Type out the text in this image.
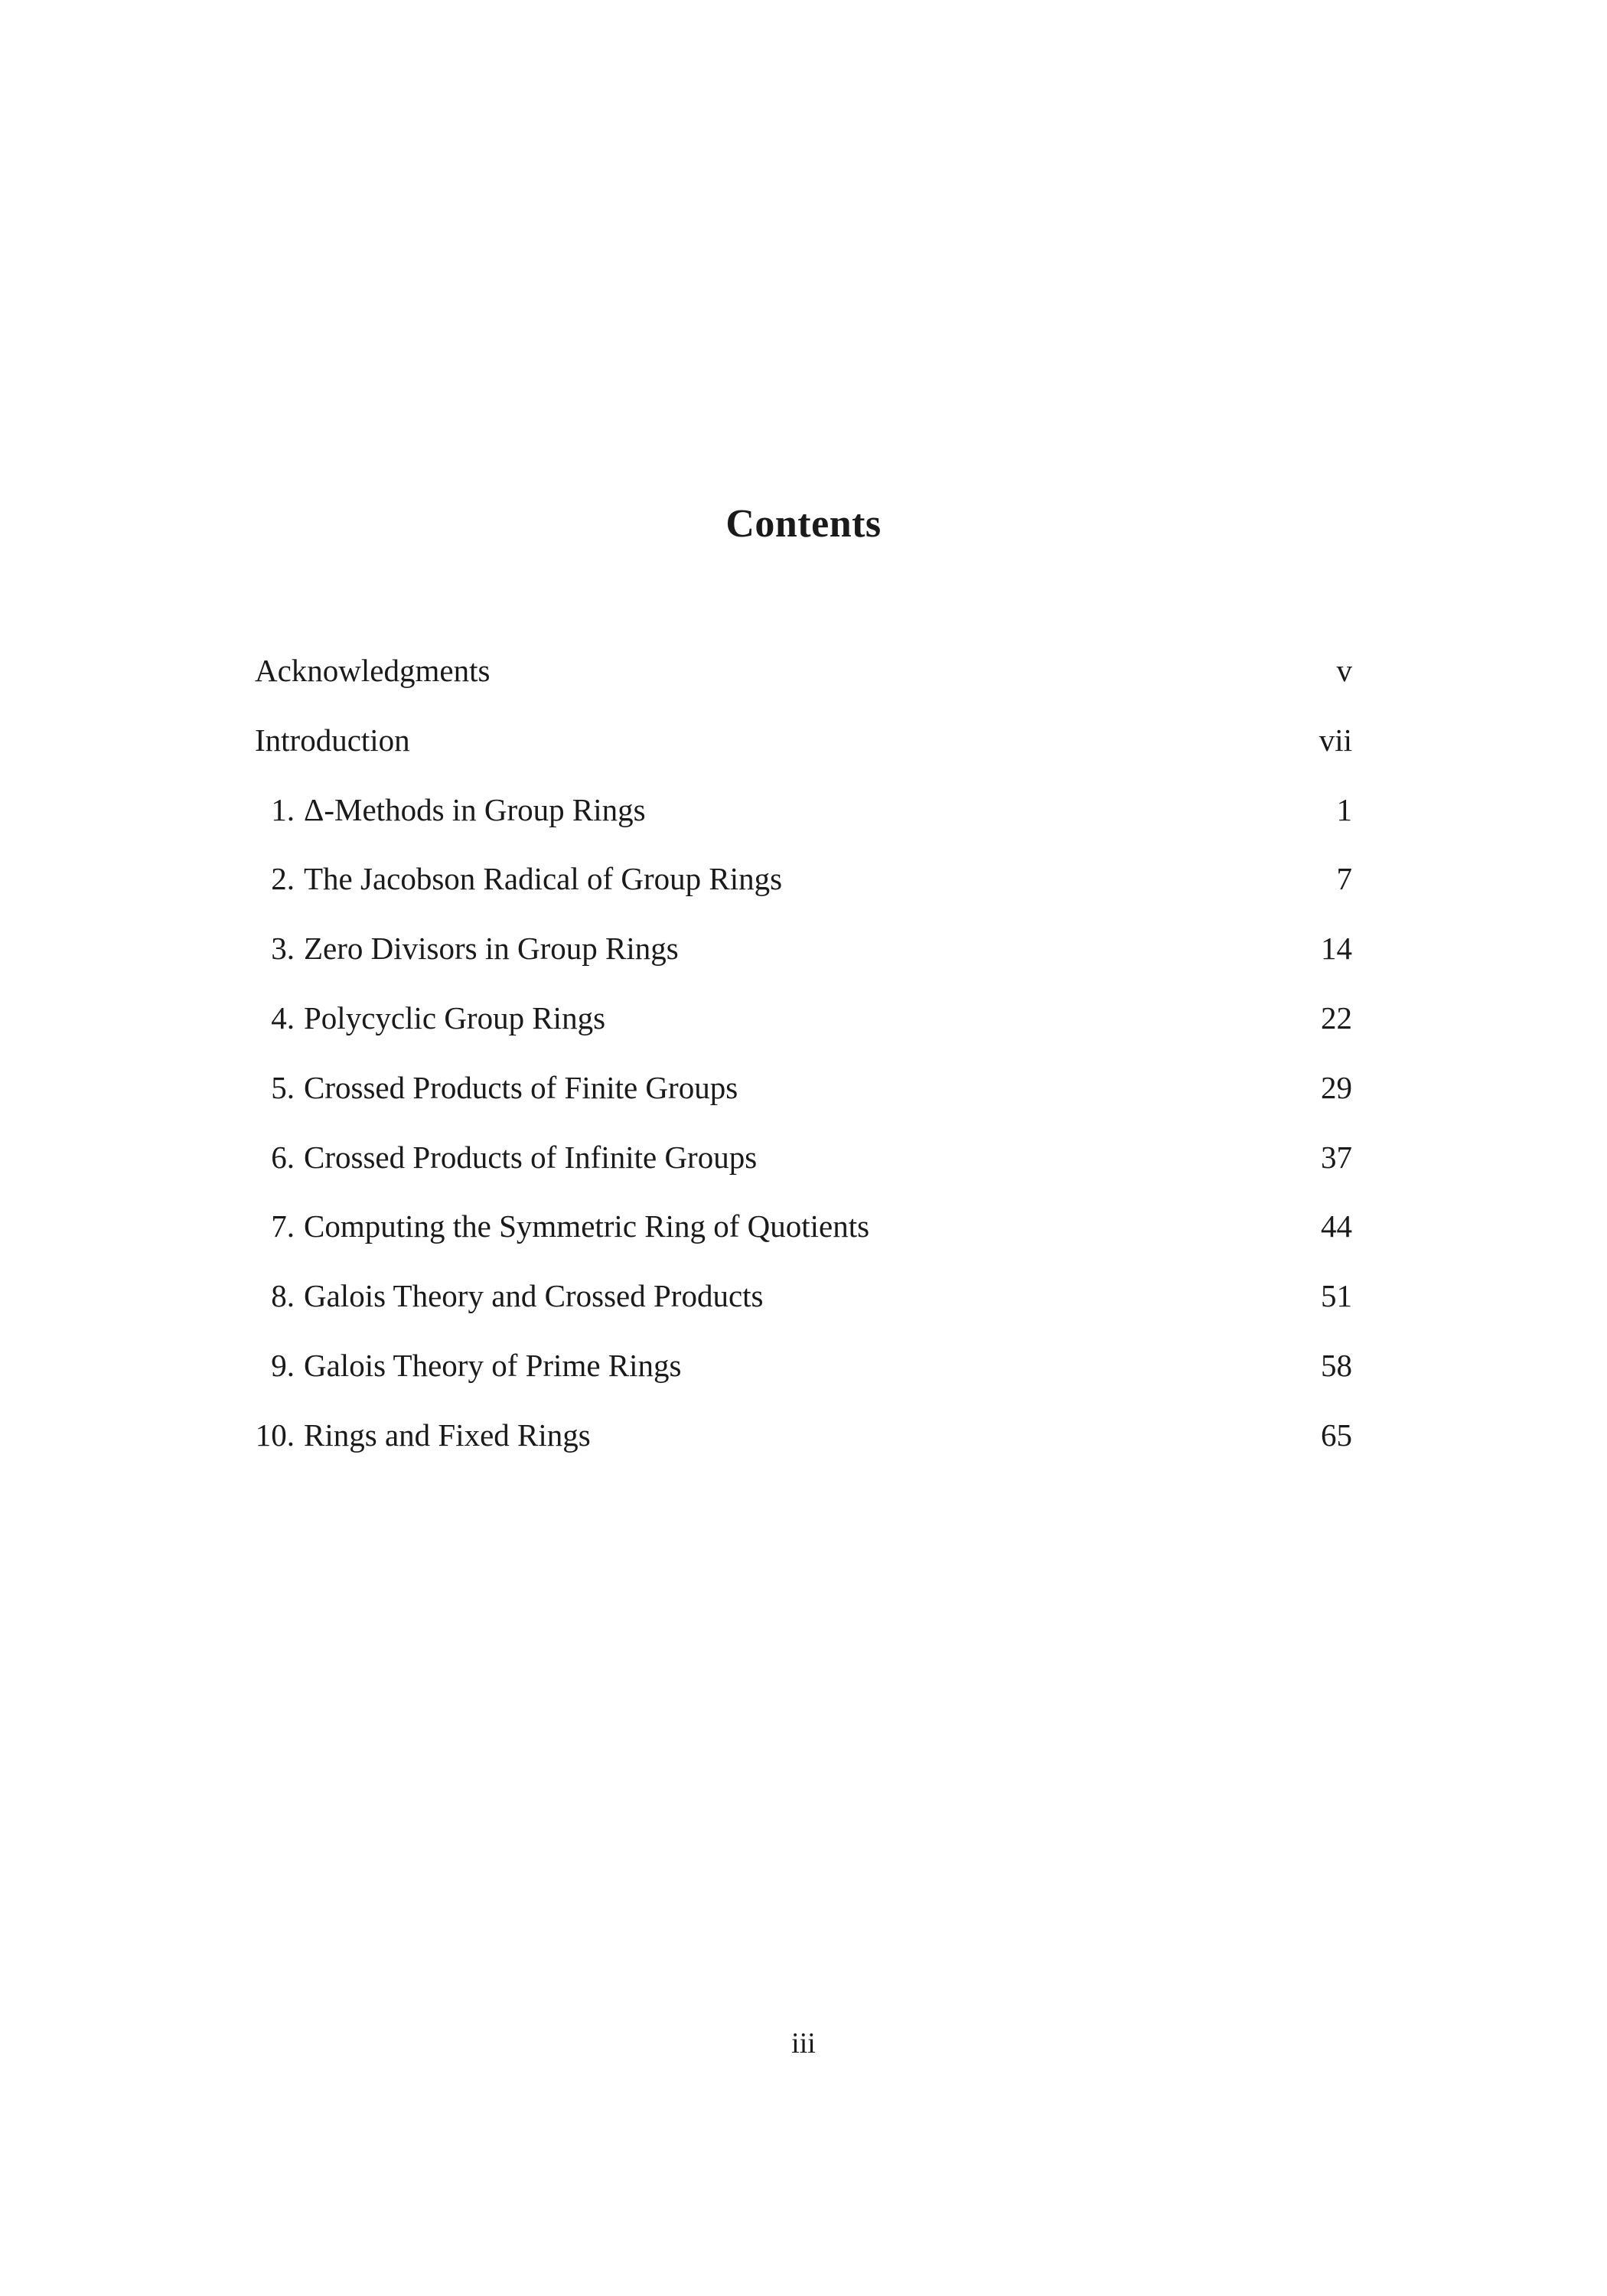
Contents
Acknowledgments	v
Introduction	vii
1. Δ-Methods in Group Rings	1
2. The Jacobson Radical of Group Rings	7
3. Zero Divisors in Group Rings	14
4. Polycyclic Group Rings	22
5. Crossed Products of Finite Groups	29
6. Crossed Products of Infinite Groups	37
7. Computing the Symmetric Ring of Quotients	44
8. Galois Theory and Crossed Products	51
9. Galois Theory of Prime Rings	58
10. Rings and Fixed Rings	65
iii
